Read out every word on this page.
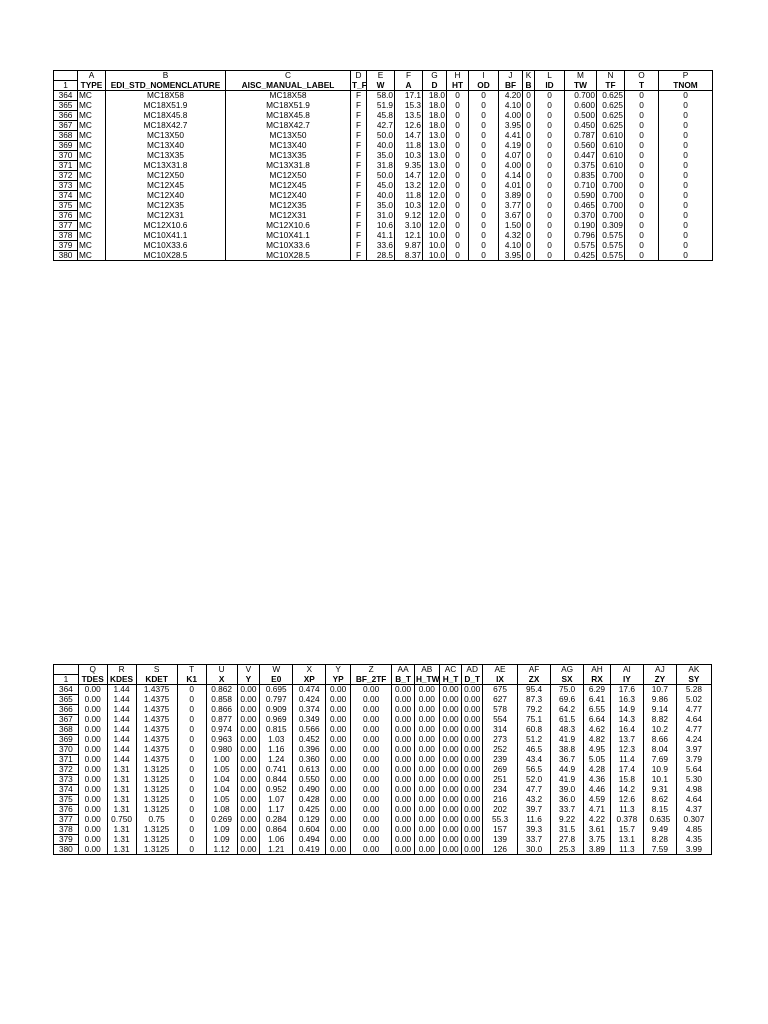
	A	B	C	D	E	F	G	H	I	J	K	L	M	N	O	P
1	TYPE	EDI_STD_NOMENCLATURE	AISC_MANUAL_LABEL	T_F	W	A	D	HT	OD	BF	B	ID	TW	TF	T	TNOM
364	MC	MC18X58	MC18X58	F	58.0	17.1	18.0	0	0	4.20	0	0	0.700	0.625	0	0
365	MC	MC18X51.9	MC18X51.9	F	51.9	15.3	18.0	0	0	4.10	0	0	0.600	0.625	0	0
366	MC	MC18X45.8	MC18X45.8	F	45.8	13.5	18.0	0	0	4.00	0	0	0.500	0.625	0	0
367	MC	MC18X42.7	MC18X42.7	F	42.7	12.6	18.0	0	0	3.95	0	0	0.450	0.625	0	0
368	MC	MC13X50	MC13X50	F	50.0	14.7	13.0	0	0	4.41	0	0	0.787	0.610	0	0
369	MC	MC13X40	MC13X40	F	40.0	11.8	13.0	0	0	4.19	0	0	0.560	0.610	0	0
370	MC	MC13X35	MC13X35	F	35.0	10.3	13.0	0	0	4.07	0	0	0.447	0.610	0	0
371	MC	MC13X31.8	MC13X31.8	F	31.8	9.35	13.0	0	0	4.00	0	0	0.375	0.610	0	0
372	MC	MC12X50	MC12X50	F	50.0	14.7	12.0	0	0	4.14	0	0	0.835	0.700	0	0
373	MC	MC12X45	MC12X45	F	45.0	13.2	12.0	0	0	4.01	0	0	0.710	0.700	0	0
374	MC	MC12X40	MC12X40	F	40.0	11.8	12.0	0	0	3.89	0	0	0.590	0.700	0	0
375	MC	MC12X35	MC12X35	F	35.0	10.3	12.0	0	0	3.77	0	0	0.465	0.700	0	0
376	MC	MC12X31	MC12X31	F	31.0	9.12	12.0	0	0	3.67	0	0	0.370	0.700	0	0
377	MC	MC12X10.6	MC12X10.6	F	10.6	3.10	12.0	0	0	1.50	0	0	0.190	0.309	0	0
378	MC	MC10X41.1	MC10X41.1	F	41.1	12.1	10.0	0	0	4.32	0	0	0.796	0.575	0	0
379	MC	MC10X33.6	MC10X33.6	F	33.6	9.87	10.0	0	0	4.10	0	0	0.575	0.575	0	0
380	MC	MC10X28.5	MC10X28.5	F	28.5	8.37	10.0	0	0	3.95	0	0	0.425	0.575	0	0
	Q	R	S	T	U	V	W	X	Y	Z	AA	AB	AC	AD	AE	AF	AG	AH	AI	AJ	AK
1	TDES	KDES	KDET	K1	X	Y	E0	XP	YP	BF_2TF	B_T	H_TW	H_T	D_T	IX	ZX	SX	RX	IY	ZY	SY
364	0.00	1.44	1.4375	0	0.862	0.00	0.695	0.474	0.00	0.00	0.00	0.00	0.00	0.00	675	95.4	75.0	6.29	17.6	10.7	5.28
365	0.00	1.44	1.4375	0	0.858	0.00	0.797	0.424	0.00	0.00	0.00	0.00	0.00	0.00	627	87.3	69.6	6.41	16.3	9.86	5.02
366	0.00	1.44	1.4375	0	0.866	0.00	0.909	0.374	0.00	0.00	0.00	0.00	0.00	0.00	578	79.2	64.2	6.55	14.9	9.14	4.77
367	0.00	1.44	1.4375	0	0.877	0.00	0.969	0.349	0.00	0.00	0.00	0.00	0.00	0.00	554	75.1	61.5	6.64	14.3	8.82	4.64
368	0.00	1.44	1.4375	0	0.974	0.00	0.815	0.566	0.00	0.00	0.00	0.00	0.00	0.00	314	60.8	48.3	4.62	16.4	10.2	4.77
369	0.00	1.44	1.4375	0	0.963	0.00	1.03	0.452	0.00	0.00	0.00	0.00	0.00	0.00	273	51.2	41.9	4.82	13.7	8.66	4.24
370	0.00	1.44	1.4375	0	0.980	0.00	1.16	0.396	0.00	0.00	0.00	0.00	0.00	0.00	252	46.5	38.8	4.95	12.3	8.04	3.97
371	0.00	1.44	1.4375	0	1.00	0.00	1.24	0.360	0.00	0.00	0.00	0.00	0.00	0.00	239	43.4	36.7	5.05	11.4	7.69	3.79
372	0.00	1.31	1.3125	0	1.05	0.00	0.741	0.613	0.00	0.00	0.00	0.00	0.00	0.00	269	56.5	44.9	4.28	17.4	10.9	5.64
373	0.00	1.31	1.3125	0	1.04	0.00	0.844	0.550	0.00	0.00	0.00	0.00	0.00	0.00	251	52.0	41.9	4.36	15.8	10.1	5.30
374	0.00	1.31	1.3125	0	1.04	0.00	0.952	0.490	0.00	0.00	0.00	0.00	0.00	0.00	234	47.7	39.0	4.46	14.2	9.31	4.98
375	0.00	1.31	1.3125	0	1.05	0.00	1.07	0.428	0.00	0.00	0.00	0.00	0.00	0.00	216	43.2	36.0	4.59	12.6	8.62	4.64
376	0.00	1.31	1.3125	0	1.08	0.00	1.17	0.425	0.00	0.00	0.00	0.00	0.00	0.00	202	39.7	33.7	4.71	11.3	8.15	4.37
377	0.00	0.750	0.75	0	0.269	0.00	0.284	0.129	0.00	0.00	0.00	0.00	0.00	0.00	55.3	11.6	9.22	4.22	0.378	0.635	0.307
378	0.00	1.31	1.3125	0	1.09	0.00	0.864	0.604	0.00	0.00	0.00	0.00	0.00	0.00	157	39.3	31.5	3.61	15.7	9.49	4.85
379	0.00	1.31	1.3125	0	1.09	0.00	1.06	0.494	0.00	0.00	0.00	0.00	0.00	0.00	139	33.7	27.8	3.75	13.1	8.28	4.35
380	0.00	1.31	1.3125	0	1.12	0.00	1.21	0.419	0.00	0.00	0.00	0.00	0.00	0.00	126	30.0	25.3	3.89	11.3	7.59	3.99
